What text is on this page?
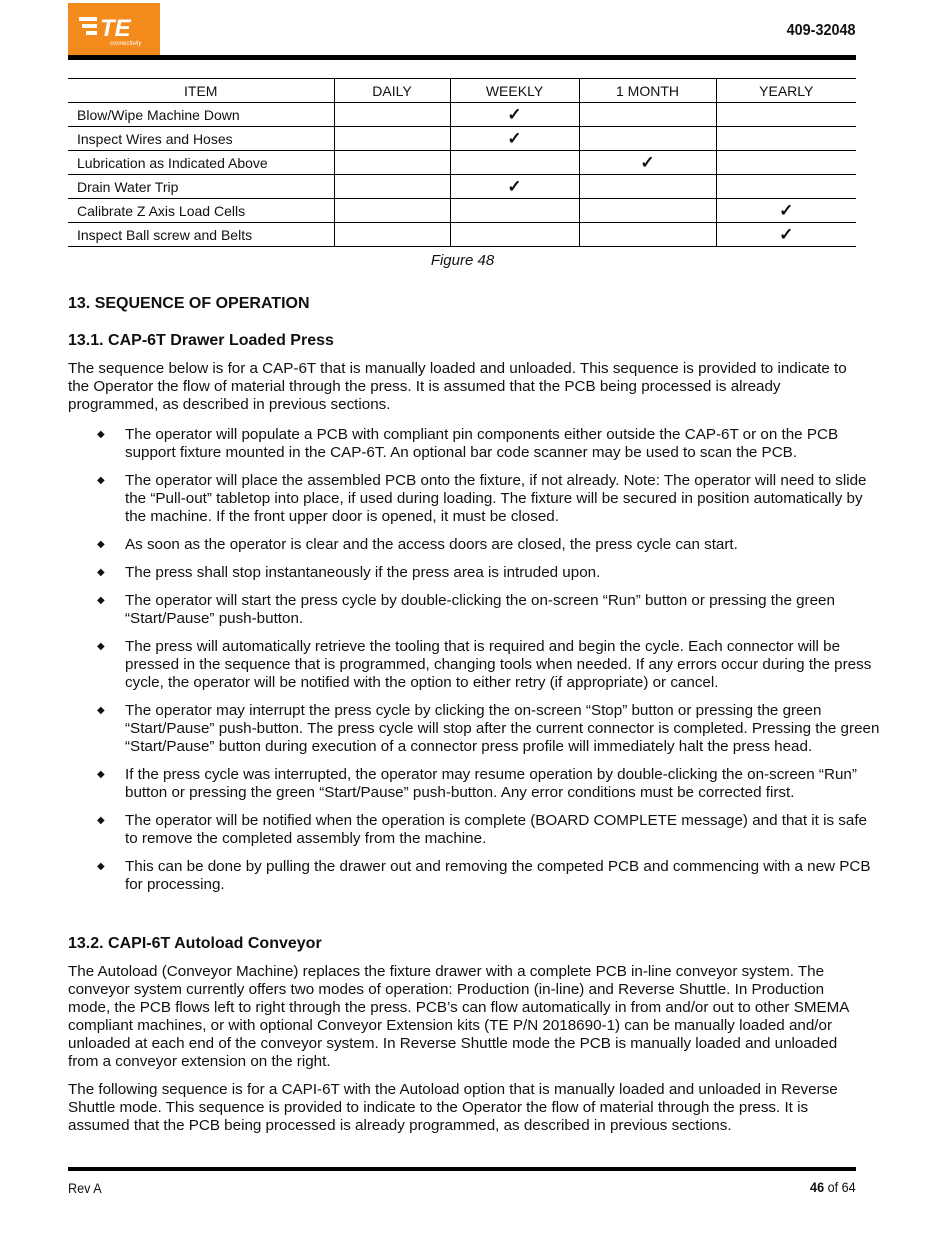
TE
connectivity
409-32048
ITEM	DAILY	WEEKLY	1 MONTH	YEARLY
Blow/Wipe Machine Down		✓		
Inspect Wires and Hoses		✓		
Lubrication as Indicated Above			✓	
Drain Water Trip		✓		
Calibrate Z Axis Load Cells				✓
Inspect Ball screw and Belts				✓
Figure 48
13. SEQUENCE OF OPERATION
13.1. CAP-6T Drawer Loaded Press
The sequence below is for a CAP-6T that is manually loaded and unloaded. This sequence is provided to indicate to the Operator the flow of material through the press. It is assumed that the PCB being processed is already programmed, as described in previous sections.
◆ The operator will populate a PCB with compliant pin components either outside the CAP-6T or on the PCB support fixture mounted in the CAP-6T. An optional bar code scanner may be used to scan the PCB.
◆ The operator will place the assembled PCB onto the fixture, if not already. Note: The operator will need to slide the “Pull-out” tabletop into place, if used during loading. The fixture will be secured in position automatically by the machine. If the front upper door is opened, it must be closed.
◆ As soon as the operator is clear and the access doors are closed, the press cycle can start.
◆ The press shall stop instantaneously if the press area is intruded upon.
◆ The operator will start the press cycle by double-clicking the on-screen “Run” button or pressing the green “Start/Pause” push-button.
◆ The press will automatically retrieve the tooling that is required and begin the cycle. Each connector will be pressed in the sequence that is programmed, changing tools when needed. If any errors occur during the press cycle, the operator will be notified with the option to either retry (if appropriate) or cancel.
◆ The operator may interrupt the press cycle by clicking the on-screen “Stop” button or pressing the green “Start/Pause” push-button. The press cycle will stop after the current connector is completed. Pressing the green “Start/Pause” button during execution of a connector press profile will immediately halt the press head.
◆ If the press cycle was interrupted, the operator may resume operation by double-clicking the on-screen “Run” button or pressing the green “Start/Pause” push-button. Any error conditions must be corrected first.
◆ The operator will be notified when the operation is complete (BOARD COMPLETE message) and that it is safe to remove the completed assembly from the machine.
◆ This can be done by pulling the drawer out and removing the competed PCB and commencing with a new PCB for processing.
13.2. CAPI-6T Autoload Conveyor
The Autoload (Conveyor Machine) replaces the fixture drawer with a complete PCB in-line conveyor system. The conveyor system currently offers two modes of operation: Production (in-line) and Reverse Shuttle. In Production mode, the PCB flows left to right through the press. PCB’s can flow automatically in from and/or out to other SMEMA compliant machines, or with optional Conveyor Extension kits (TE P/N 2018690-1) can be manually loaded and/or unloaded at each end of the conveyor system. In Reverse Shuttle mode the PCB is manually loaded and unloaded from a conveyor extension on the right.
The following sequence is for a CAPI-6T with the Autoload option that is manually loaded and unloaded in Reverse Shuttle mode. This sequence is provided to indicate to the Operator the flow of material through the press. It is assumed that the PCB being processed is already programmed, as described in previous sections.
Rev A	46 of 64
